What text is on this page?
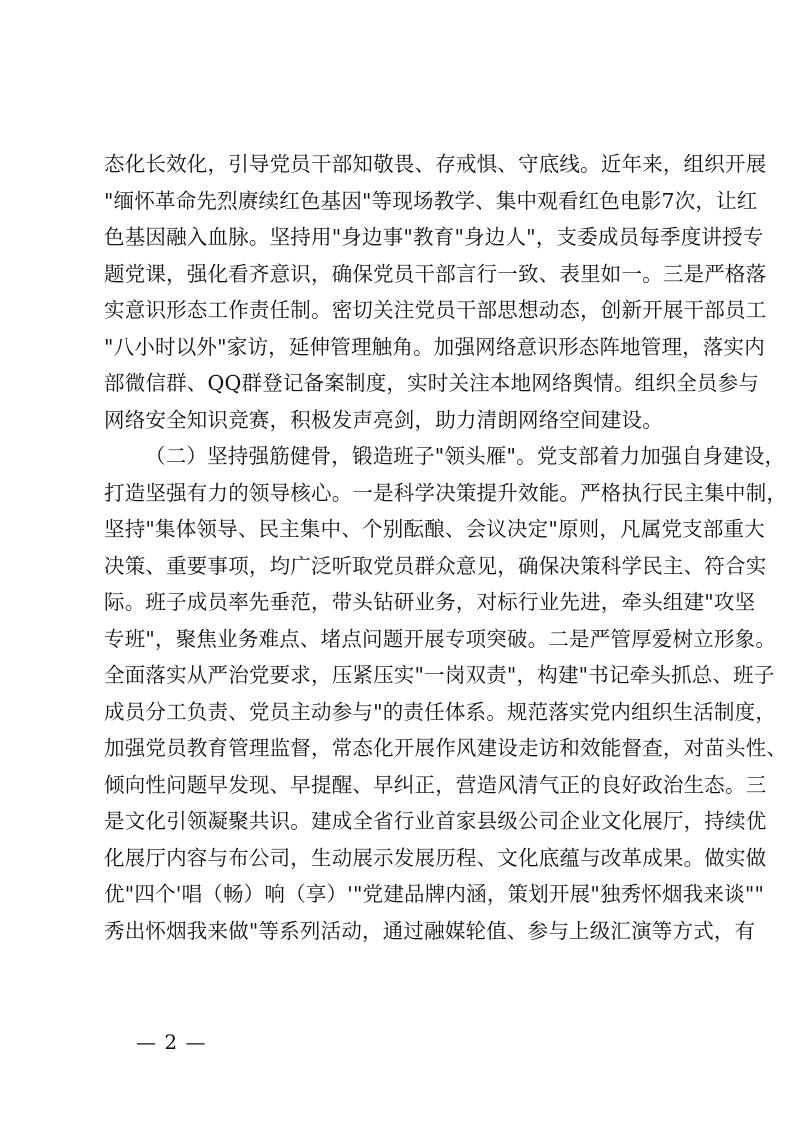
态化长效化，引导党员干部知敬畏、存戒惧、守底线。近年来，组织开展
"缅怀革命先烈赓续红色基因"等现场教学、集中观看红色电影7次，让红
色基因融入血脉。坚持用"身边事"教育"身边人"，支委成员每季度讲授专
题党课，强化看齐意识，确保党员干部言行一致、表里如一。三是严格落
实意识形态工作责任制。密切关注党员干部思想动态，创新开展干部员工
"八小时以外"家访，延伸管理触角。加强网络意识形态阵地管理，落实内
部微信群、QQ群登记备案制度，实时关注本地网络舆情。组织全员参与
网络安全知识竞赛，积极发声亮剑，助力清朗网络空间建设。
（二）坚持强筋健骨，锻造班子"领头雁"。党支部着力加强自身建设，
打造坚强有力的领导核心。一是科学决策提升效能。严格执行民主集中制，
坚持"集体领导、民主集中、个别酝酿、会议决定"原则，凡属党支部重大
决策、重要事项，均广泛听取党员群众意见，确保决策科学民主、符合实
际。班子成员率先垂范，带头钻研业务，对标行业先进，牵头组建"攻坚
专班"，聚焦业务难点、堵点问题开展专项突破。二是严管厚爱树立形象。
全面落实从严治党要求，压紧压实"一岗双责"，构建"书记牵头抓总、班子
成员分工负责、党员主动参与"的责任体系。规范落实党内组织生活制度，
加强党员教育管理监督，常态化开展作风建设走访和效能督查，对苗头性、
倾向性问题早发现、早提醒、早纠正，营造风清气正的良好政治生态。三
是文化引领凝聚共识。建成全省行业首家县级公司企业文化展厅，持续优
化展厅内容与布公司，生动展示发展历程、文化底蕴与改革成果。做实做
优"四个'唱（畅）响（享）'"党建品牌内涵，策划开展"独秀怀烟我来谈""
秀出怀烟我来做"等系列活动，通过融媒轮值、参与上级汇演等方式，有
— 2 —
